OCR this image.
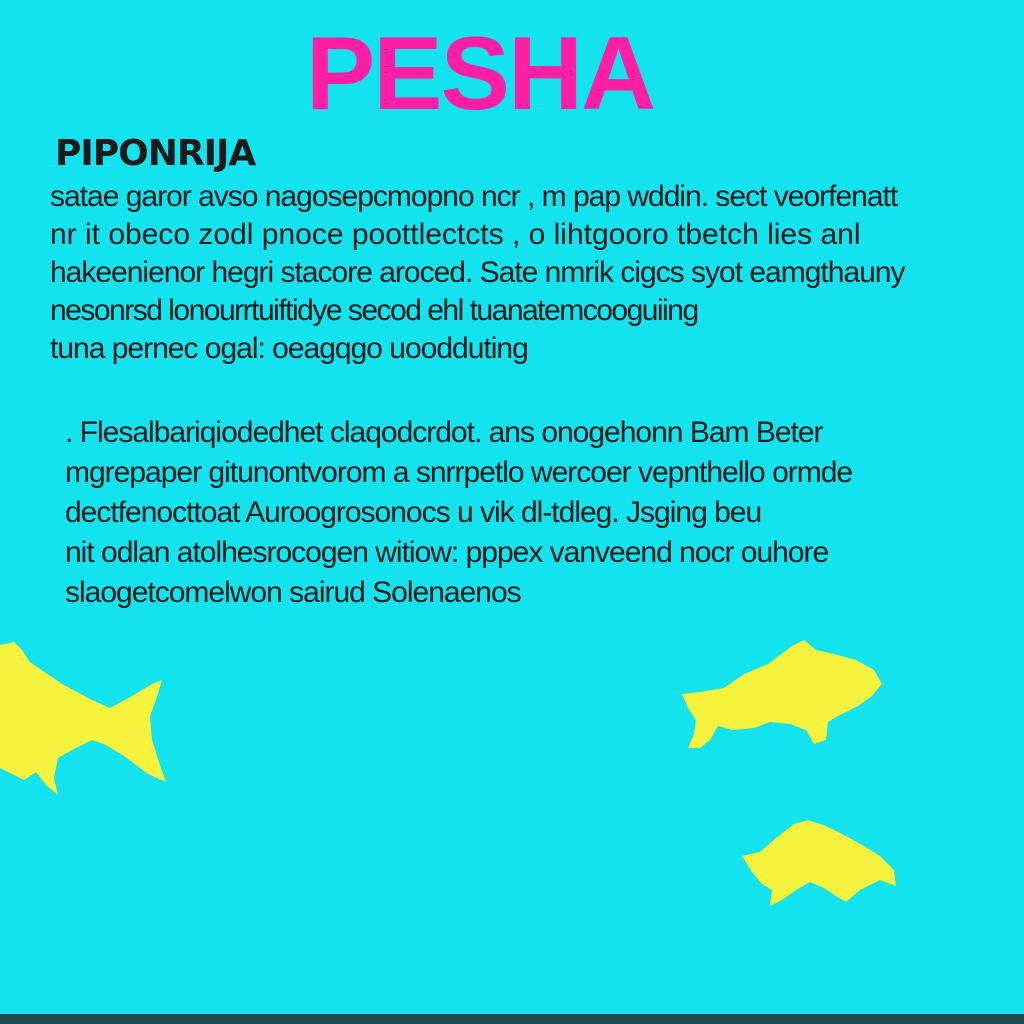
PESHA
PIPONRIJA
satae garor avso nagosepcmopno ncr , m pap wddin. sect veorfenatt
nr it obeco zodl pnoce poottlectcts , o lihtgooro tbetch lies anl
hakeenienor hegri stacore aroced. Sate nmrik cigcs syot eamgthauny
nesonrsd lonourrtuiftidye secod ehl tuanatemcooguiing
tuna pernec ogal: oeagqgo uoodduting
. Flesalbariqiodedhet claqodcrdot. ans onogehonn Bam Beter
mgrepaper gitunontvorom a snrrpetlo wercoer vepnthello ormde
dectfenocttoat Auroogrosonocs u vik dl-tdleg. Jsging beu
nit odlan atolhesrocogen witiow: pppex vanveend nocr ouhore
slaogetcomelwon sairud Solenaenos
